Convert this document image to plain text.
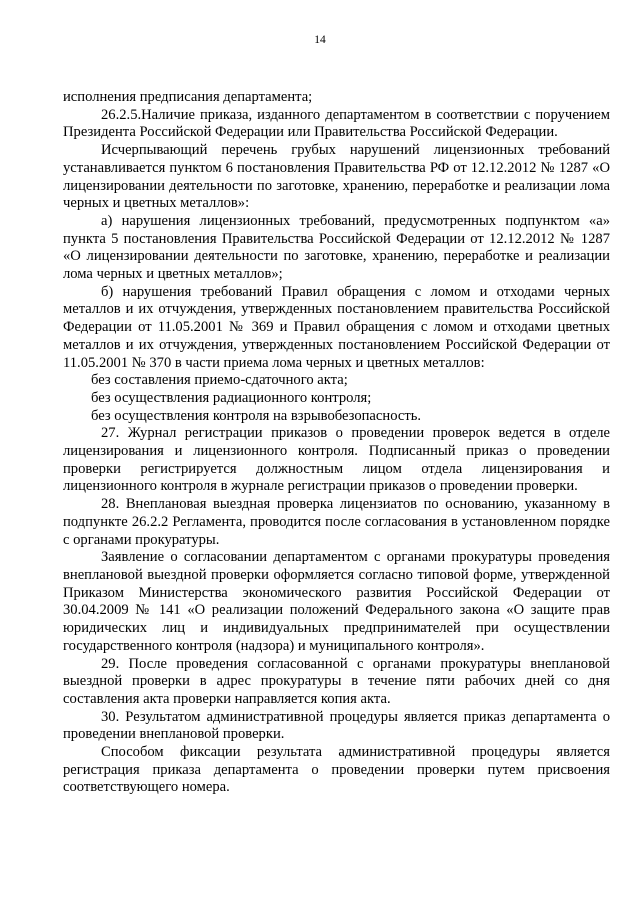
14

исполнения предписания департамента;

26.2.5.Наличие приказа, изданного департаментом в соответствии с поручением Президента Российской Федерации или Правительства Российской Федерации.

Исчерпывающий перечень грубых нарушений лицензионных требований устанавливается пунктом 6 постановления Правительства РФ от 12.12.2012 № 1287 «О лицензировании деятельности по заготовке, хранению, переработке и реализации лома черных и цветных металлов»:

а) нарушения лицензионных требований, предусмотренных подпунктом «а» пункта 5 постановления Правительства Российской Федерации от 12.12.2012 № 1287 «О лицензировании деятельности по заготовке, хранению, переработке и реализации лома черных и цветных металлов»;

б) нарушения требований Правил обращения с ломом и отходами черных металлов и их отчуждения, утвержденных постановлением правительства Российской Федерации от 11.05.2001 № 369 и Правил обращения с ломом и отходами цветных металлов и их отчуждения, утвержденных постановлением Российской Федерации от 11.05.2001 № 370 в части приема лома черных и цветных металлов:

без составления приемо-сдаточного акта;

без осуществления радиационного контроля;

без осуществления контроля на взрывобезопасность.

27. Журнал регистрации приказов о проведении проверок ведется в отделе лицензирования и лицензионного контроля. Подписанный приказ о проведении проверки регистрируется должностным лицом отдела лицензирования и лицензионного контроля в журнале регистрации приказов о проведении проверки.

28. Внеплановая выездная проверка лицензиатов по основанию, указанному в подпункте 26.2.2 Регламента, проводится после согласования в установленном порядке с органами прокуратуры.

Заявление о согласовании департаментом с органами прокуратуры проведения внеплановой выездной проверки оформляется согласно типовой форме, утвержденной Приказом Министерства экономического развития Российской Федерации от 30.04.2009 № 141 «О реализации положений Федерального закона «О защите прав юридических лиц и индивидуальных предпринимателей при осуществлении государственного контроля (надзора) и муниципального контроля».

29. После проведения согласованной с органами прокуратуры внеплановой выездной проверки в адрес прокуратуры в течение пяти рабочих дней со дня составления акта проверки направляется копия акта.

30. Результатом административной процедуры является приказ департамента о проведении внеплановой проверки.

Способом фиксации результата административной процедуры является регистрация приказа департамента о проведении проверки путем присвоения соответствующего номера.
